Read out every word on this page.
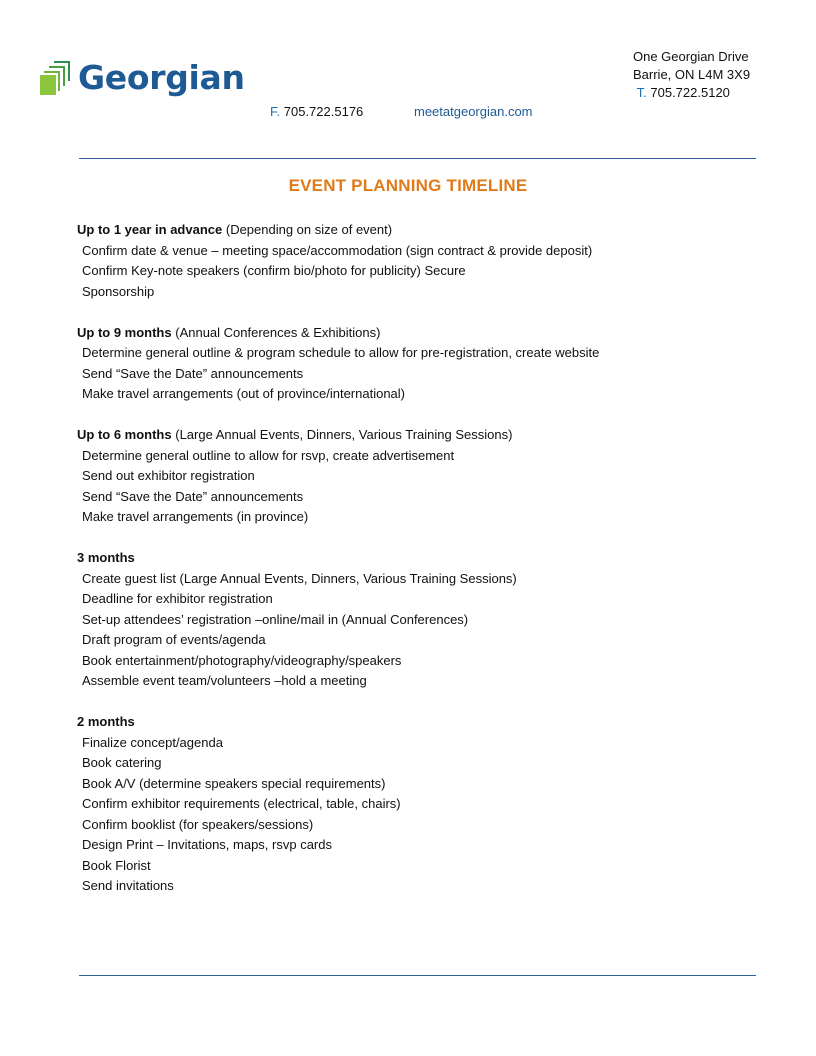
Georgian
One Georgian Drive
Barrie, ON L4M 3X9
T. 705.722.5120
F. 705.722.5176	meetatgeorgian.com
EVENT PLANNING TIMELINE
Up to 1 year in advance (Depending on size of event)
Confirm date & venue – meeting space/accommodation (sign contract & provide deposit)
Confirm Key-note speakers (confirm bio/photo for publicity) Secure
Sponsorship
Up to 9 months (Annual Conferences & Exhibitions)
Determine general outline & program schedule to allow for pre-registration, create website
Send “Save the Date” announcements
Make travel arrangements (out of province/international)
Up to 6 months (Large Annual Events, Dinners, Various Training Sessions)
Determine general outline to allow for rsvp, create advertisement
Send out exhibitor registration
Send “Save the Date” announcements
Make travel arrangements (in province)
3 months
Create guest list (Large Annual Events, Dinners, Various Training Sessions)
Deadline for exhibitor registration
Set-up attendees’ registration –online/mail in (Annual Conferences)
Draft program of events/agenda
Book entertainment/photography/videography/speakers
Assemble event team/volunteers –hold a meeting
2 months
Finalize concept/agenda
Book catering
Book A/V (determine speakers special requirements)
Confirm exhibitor requirements (electrical, table, chairs)
Confirm booklist (for speakers/sessions)
Design Print – Invitations, maps, rsvp cards
Book Florist
Send invitations
